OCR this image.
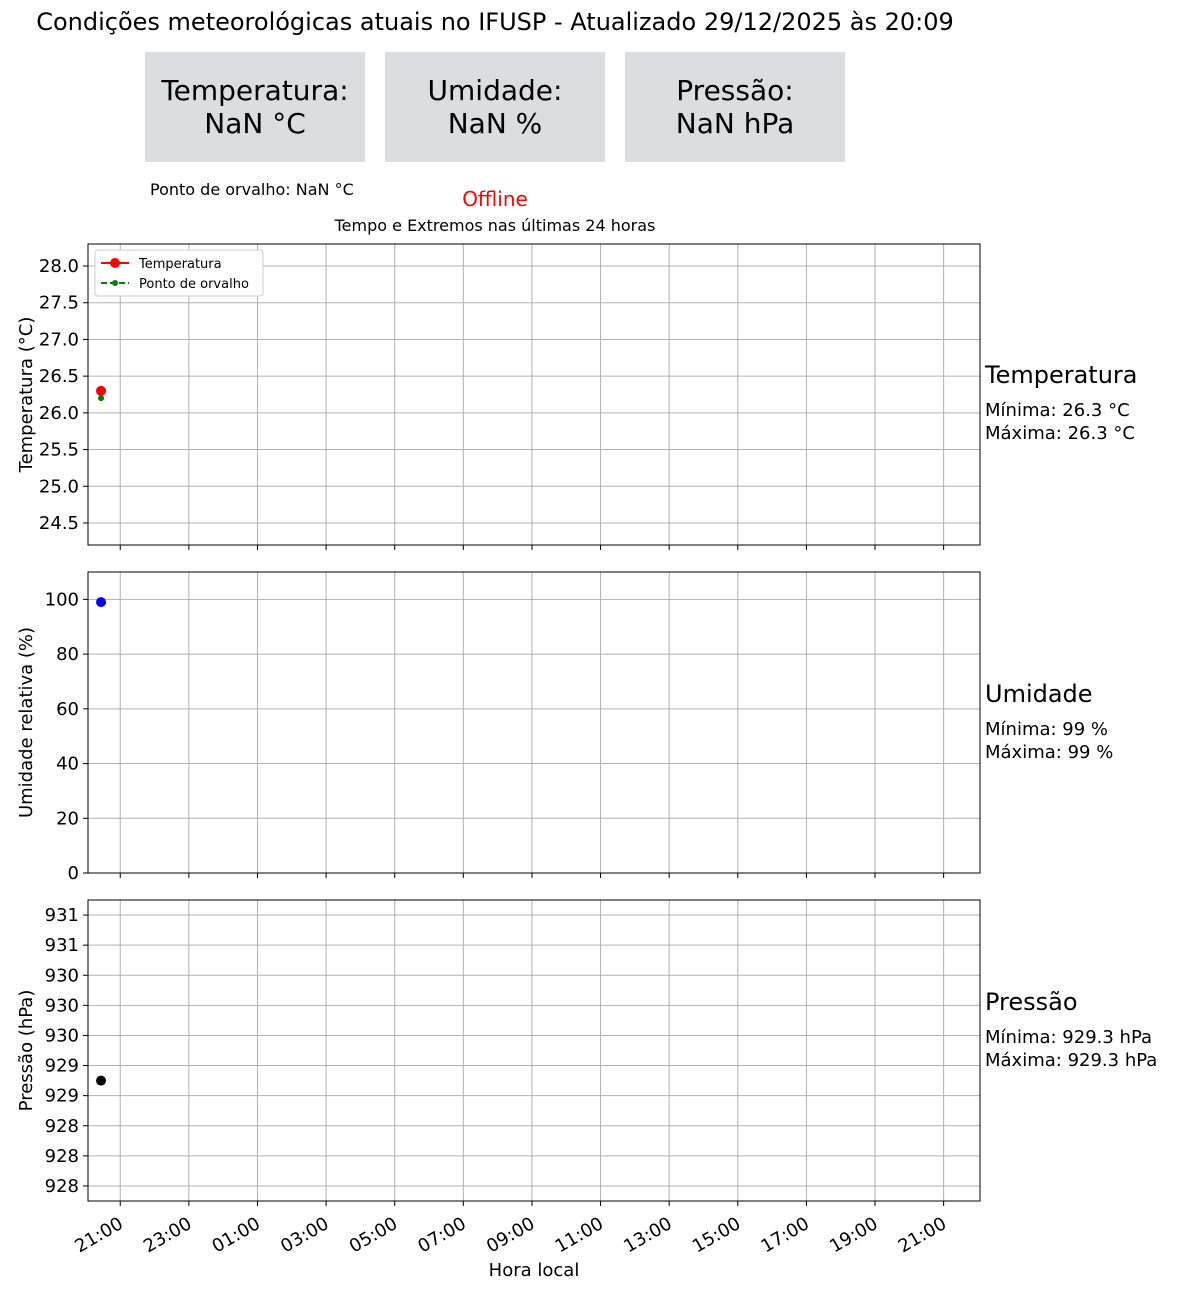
Condições meteorológicas atuais no IFUSP - Atualizado 29/12/2025 às 20:09
Temperatura:
NaN °C
Umidade:
NaN %
Pressão:
NaN hPa
Ponto de orvalho: NaN °C	Offline
Tempo e Extremos nas últimas 24 horas
24.5
25.0
25.5
26.0
26.5
27.0
27.5
28.0
Temperatura (°C)
Temperatura
Ponto de orvalho
Temperatura
Mínima: 26.3 °C
Máxima: 26.3 °C
0
20
40
60
80
100
Umidade relativa (%)	Umidade
Mínima: 99 %
Máxima: 99 %
928
928
928
929
929
930
930
930
931
931
Pressão (hPa)	Pressão
Mínima: 929.3 hPa
Máxima: 929.3 hPa
21:00 23:00 01:00 03:00 05:00 07:00 09:00 11:00 13:00 15:00 17:00 19:00 21:00
Hora local
